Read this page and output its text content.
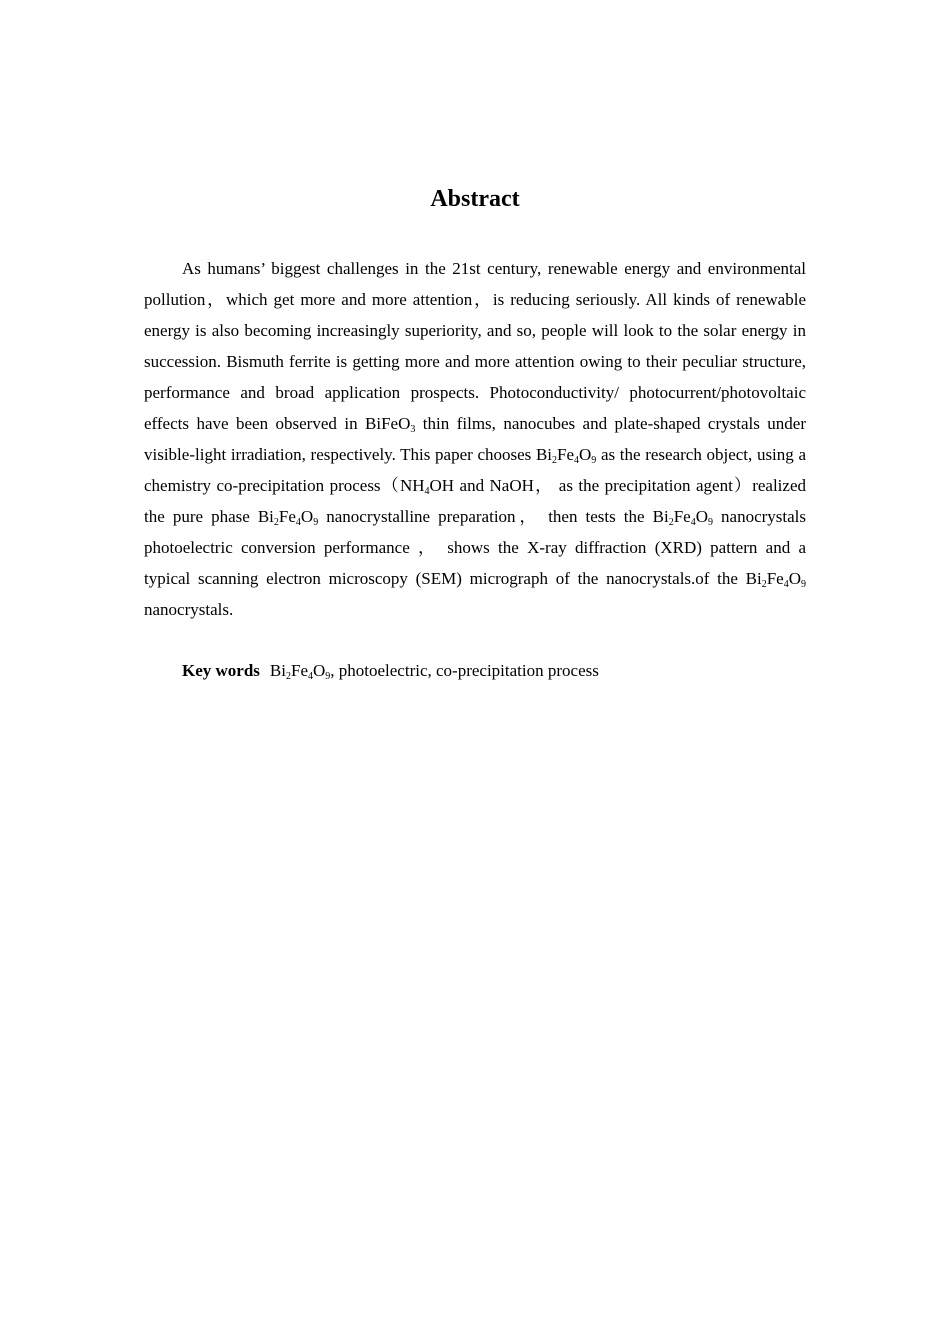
Abstract

As humans’ biggest challenges in the 21st century, renewable energy and environmental pollution，which get more and more attention，is reducing seriously. All kinds of renewable energy is also becoming increasingly superiority, and so, people will look to the solar energy in succession. Bismuth ferrite is getting more and more attention owing to their peculiar structure, performance and broad application prospects. Photoconductivity/ photocurrent/photovoltaic effects have been observed in BiFeO$_3$ thin films, nanocubes and plate-shaped crystals under visible-light irradiation, respectively. This paper chooses $Bi_2Fe_4O_9$ as the research object, using a chemistry co-precipitation $process(NH_4OH$ and NaOH， as the precipitation agent）realized the pure phase $Bi_2Fe_4O_9$ nanocrystalline preparation， then tests the $Bi_2Fe_4O_9$ nanocrystals photoelectric conversion performance ， shows the X-ray diffraction (XRD) pattern and a typical scanning electron microscopy (SEM) micrograph of the nanocrystals.of the $Bi_2Fe_4O_9$ nanocrystals.

Key words $Bi_2Fe_4O_9$, photoelectric, co-precipitation process
